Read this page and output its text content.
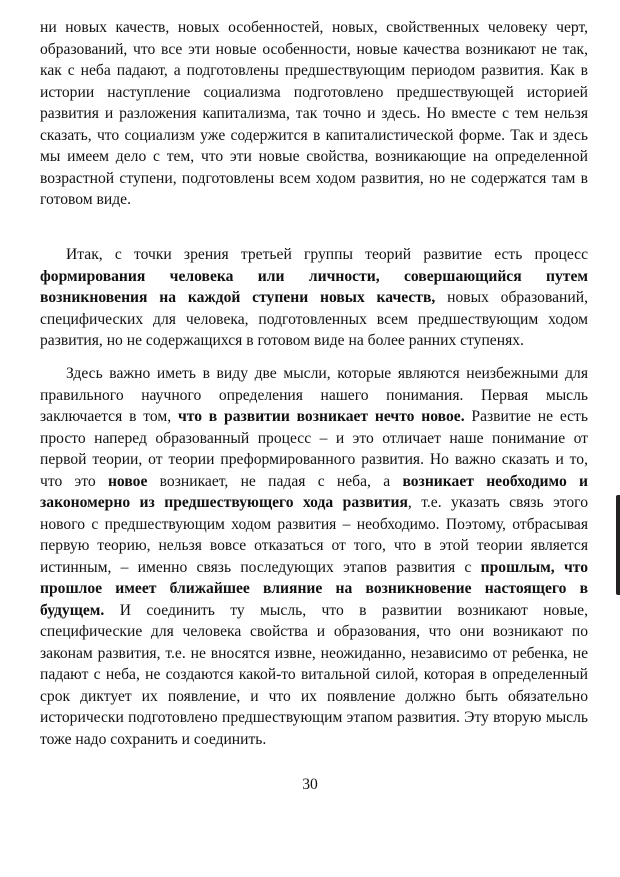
ни новых качеств, новых особенностей, новых, свойственных человеку черт, образований, что все эти новые особенности, новые качества возникают не так, как с неба падают, а подготовлены предшествующим периодом развития. Как в истории наступление социализма подготовлено предшествующей историей развития и разложения капитализма, так точно и здесь. Но вместе с тем нельзя сказать, что социализм уже содержится в капиталистической форме. Так и здесь мы имеем дело с тем, что эти новые свойства, возникающие на определенной возрастной ступени, подготовлены всем ходом развития, но не содержатся там в готовом виде.

Итак, с точки зрения третьей группы теорий развитие есть процесс формирования человека или личности, совершающийся путем возникновения на каждой ступени новых качеств, новых образований, специфических для человека, подготовленных всем предшествующим ходом развития, но не содержащихся в готовом виде на более ранних ступенях.

Здесь важно иметь в виду две мысли, которые являются неизбежными для правильного научного определения нашего понимания. Первая мысль заключается в том, что в развитии возникает нечто новое. Развитие не есть просто наперед образованный процесс – и это отличает наше понимание от первой теории, от теории преформированного развития. Но важно сказать и то, что это новое возникает, не падая с неба, а возникает необходимо и закономерно из предшествующего хода развития, т.е. указать связь этого нового с предшествующим ходом развития – необходимо. Поэтому, отбрасывая первую теорию, нельзя вовсе отказаться от того, что в этой теории является истинным, – именно связь последующих этапов развития с прошлым, что прошлое имеет ближайшее влияние на возникновение настоящего в будущем. И соединить ту мысль, что в развитии возникают новые, специфические для человека свойства и образования, что они возникают по законам развития, т.е. не вносятся извне, неожиданно, независимо от ребенка, не падают с неба, не создаются какой-то витальной силой, которая в определенный срок диктует их появление, и что их появление должно быть обязательно исторически подготовлено предшествующим этапом развития. Эту вторую мысль тоже надо сохранить и соединить.

30
